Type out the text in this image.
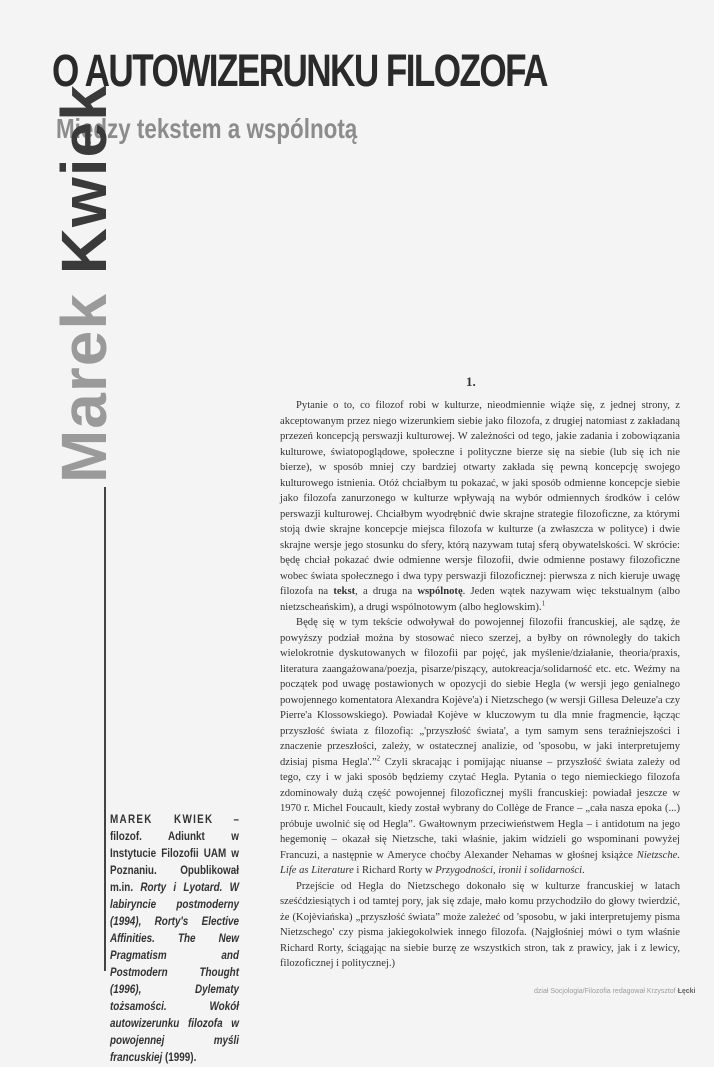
O AUTOWIZERUNKU FILOZOFA
Między tekstem a wspólnotą
Marek Kwiek
MAREK KWIEK – filozof. Adiunkt w Instytucie Filozofii UAM w Poznaniu. Opublikował m.in. Rorty i Lyotard. W labiryncie postmoderny (1994), Rorty's Elective Affinities. The New Pragmatism and Postmodern Thought (1996), Dylematy tożsamości. Wokół autowizerunku filozofa w powojennej myśli francuskiej (1999).
1.

Pytanie o to, co filozof robi w kulturze, nieodmiennie wiąże się, z jednej strony, z akceptowanym przez niego wizerunkiem siebie jako filozofa, z drugiej natomiast z zakładaną przezeń koncepcją perswazji kulturowej. W zależności od tego, jakie zadania i zobowiązania kulturowe, światopoglądowe, społeczne i polityczne bierze się na siebie (lub się ich nie bierze), w sposób mniej czy bardziej otwarty zakłada się pewną koncepcję swojego kulturowego istnienia. Otóż chciałbym tu pokazać, w jaki sposób odmienne koncepcje siebie jako filozofa zanurzonego w kulturze wpływają na wybór odmiennych środków i celów perswazji kulturowej. Chciałbym wyodrębnić dwie skrajne strategie filozoficzne, za którymi stoją dwie skrajne koncepcje miejsca filozofa w kulturze (a zwłaszcza w polityce) i dwie skrajne wersje jego stosunku do sfery, którą nazywam tutaj sferą obywatelskości. W skrócie: będę chciał pokazać dwie odmienne wersje filozofii, dwie odmienne postawy filozoficzne wobec świata społecznego i dwa typy perswazji filozoficznej: pierwsza z nich kieruje uwagę filozofa na tekst, a druga na wspólnotę. Jeden wątek nazywam więc tekstualnym (albo nietzscheańskim), a drugi wspólnotowym (albo heglowskim).$^1$

Będę się w tym tekście odwoływał do powojennej filozofii francuskiej, ale sądzę, że powyższy podział można by stosować nieco szerzej, a byłby on równoległy do takich wielokrotnie dyskutowanych w filozofii par pojęć, jak myślenie/działanie, theoria/praxis, literatura zaangażowana/poezja, pisarze/piszący, autokreacja/solidarność etc. etc. Weźmy na początek pod uwagę postawionych w opozycji do siebie Hegla (w wersji jego genialnego powojennego komentatora Alexandra Kojève'a) i Nietzschego (w wersji Gillesa Deleuze'a czy Pierre'a Klossowskiego). Powiadał Kojève w kluczowym tu dla mnie fragmencie, łącząc przyszłość świata z filozofią: „'przyszłość świata', a tym samym sens teraźniejszości i znaczenie przeszłości, zależy, w ostatecznej analizie, od 'sposobu, w jaki interpretujemy dzisiaj pisma Hegla'.”$^2$ Czyli skracając i pomijając niuanse – przyszłość świata zależy od tego, czy i w jaki sposób będziemy czytać Hegla. Pytania o tego niemieckiego filozofa zdominowały dużą część powojennej filozoficznej myśli francuskiej: powiadał jeszcze w 1970 r. Michel Foucault, kiedy został wybrany do Collège de France – „cała nasza epoka (...) próbuje uwolnić się od Hegla”. Gwałtownym przeciwieństwem Hegla – i antidotum na jego hegemonię – okazał się Nietzsche, taki właśnie, jakim widzieli go wspominani powyżej Francuzi, a następnie w Ameryce choćby Alexander Nehamas w głośnej książce Nietzsche. Life as Literature i Richard Rorty w Przygodności, ironii i solidarności.

Przejście od Hegla do Nietzschego dokonało się w kulturze francuskiej w latach sześćdziesiątych i od tamtej pory, jak się zdaje, mało komu przychodziło do głowy twierdzić, że (Kojèviańska) „przyszłość świata” może zależeć od 'sposobu, w jaki interpretujemy pisma Nietzschego' czy pisma jakiegokolwiek innego filozofa. (Najgłośniej mówi o tym właśnie Richard Rorty, ściągając na siebie burzę ze wszystkich stron, tak z prawicy, jak i z lewicy, filozoficznej i politycznej.)

dział Socjologia/Filozofia redagował Krzysztof Łęcki
